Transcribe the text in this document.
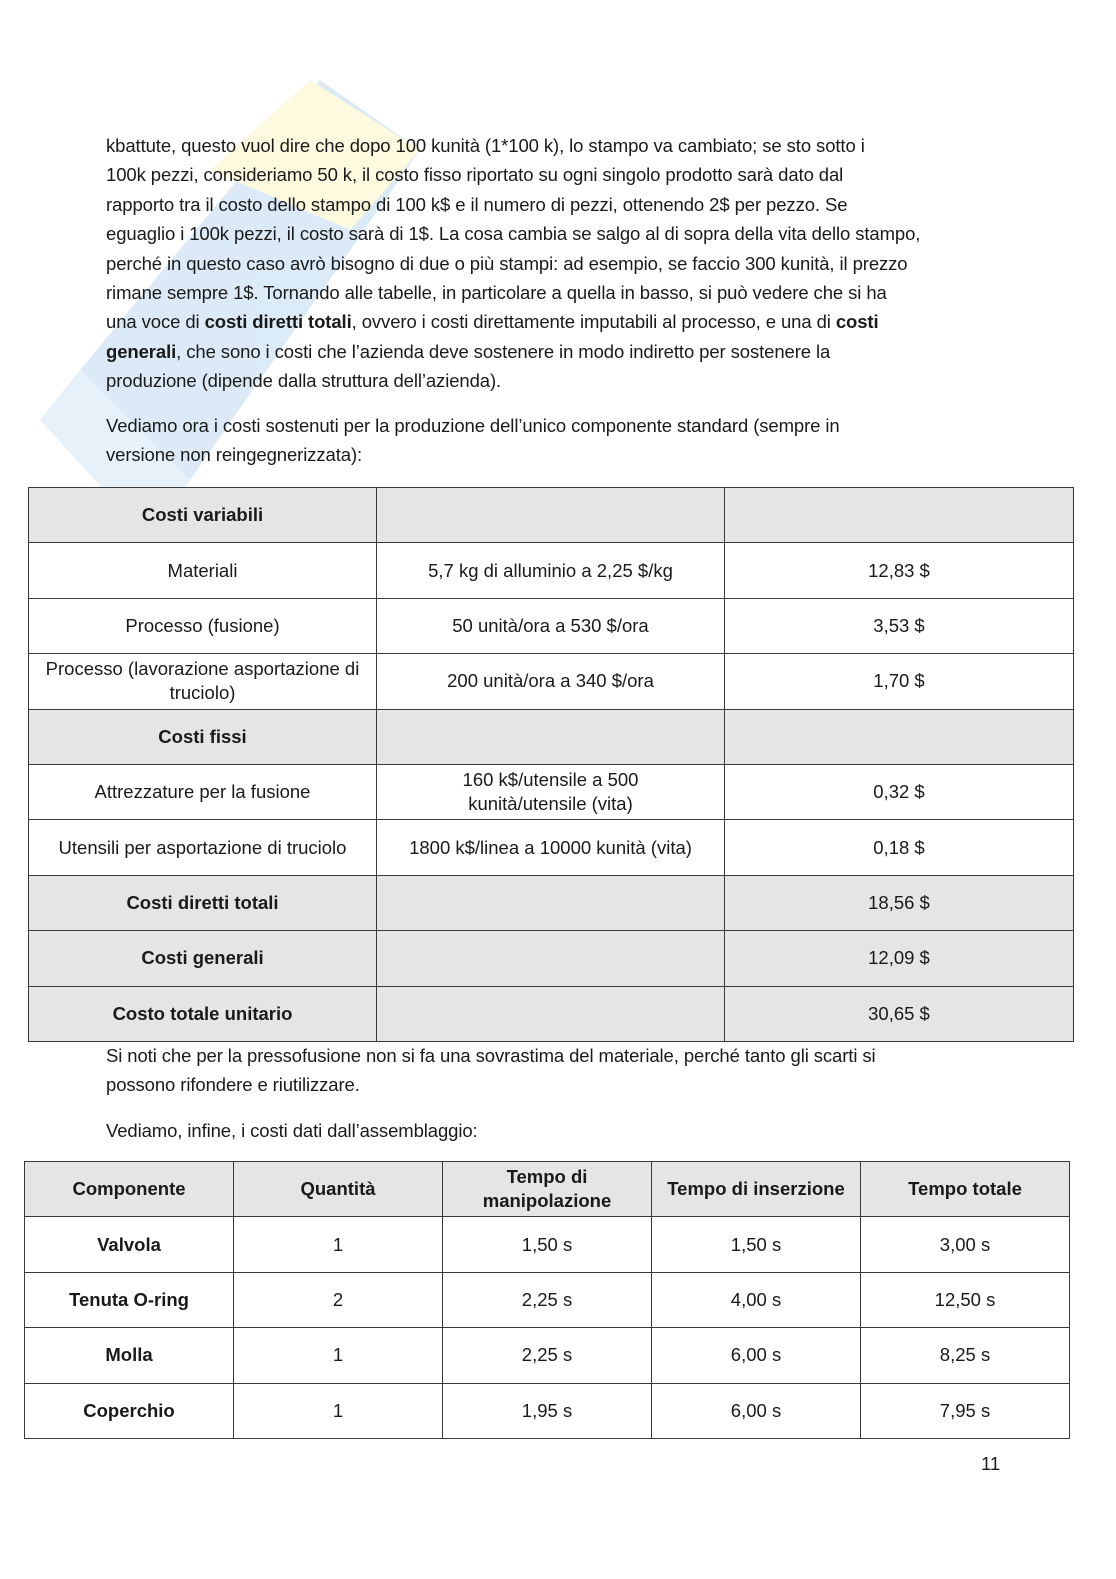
kbattute, questo vuol dire che dopo 100 kunità (1*100 k), lo stampo va cambiato; se sto sotto i
100k pezzi, consideriamo 50 k, il costo fisso riportato su ogni singolo prodotto sarà dato dal
rapporto tra il costo dello stampo di 100 k$ e il numero di pezzi, ottenendo 2$ per pezzo. Se
eguaglio i 100k pezzi, il costo sarà di 1$. La cosa cambia se salgo al di sopra della vita dello stampo,
perché in questo caso avrò bisogno di due o più stampi: ad esempio, se faccio 300 kunità, il prezzo
rimane sempre 1$. Tornando alle tabelle, in particolare a quella in basso, si può vedere che si ha
una voce di costi diretti totali, ovvero i costi direttamente imputabili al processo, e una di costi
generali, che sono i costi che l’azienda deve sostenere in modo indiretto per sostenere la
produzione (dipende dalla struttura dell’azienda).
Vediamo ora i costi sostenuti per la produzione dell’unico componente standard (sempre in
versione non reingegnerizzata):
Costi variabili		
Materiali	5,7 kg di alluminio a 2,25 $/kg	12,83 $
Processo (fusione)	50 unità/ora a 530 $/ora	3,53 $
Processo (lavorazione asportazione di truciolo)	200 unità/ora a 340 $/ora	1,70 $
Costi fissi		
Attrezzature per la fusione	160 k$/utensile a 500 kunità/utensile (vita)	0,32 $
Utensili per asportazione di truciolo	1800 k$/linea a 10000 kunità (vita)	0,18 $
Costi diretti totali		18,56 $
Costi generali		12,09 $
Costo totale unitario		30,65 $
Si noti che per la pressofusione non si fa una sovrastima del materiale, perché tanto gli scarti si
possono rifondere e riutilizzare.
Vediamo, infine, i costi dati dall’assemblaggio:
Componente	Quantità	Tempo di manipolazione	Tempo di inserzione	Tempo totale
Valvola	1	1,50 s	1,50 s	3,00 s
Tenuta O-ring	2	2,25 s	4,00 s	12,50 s
Molla	1	2,25 s	6,00 s	8,25 s
Coperchio	1	1,95 s	6,00 s	7,95 s
11
